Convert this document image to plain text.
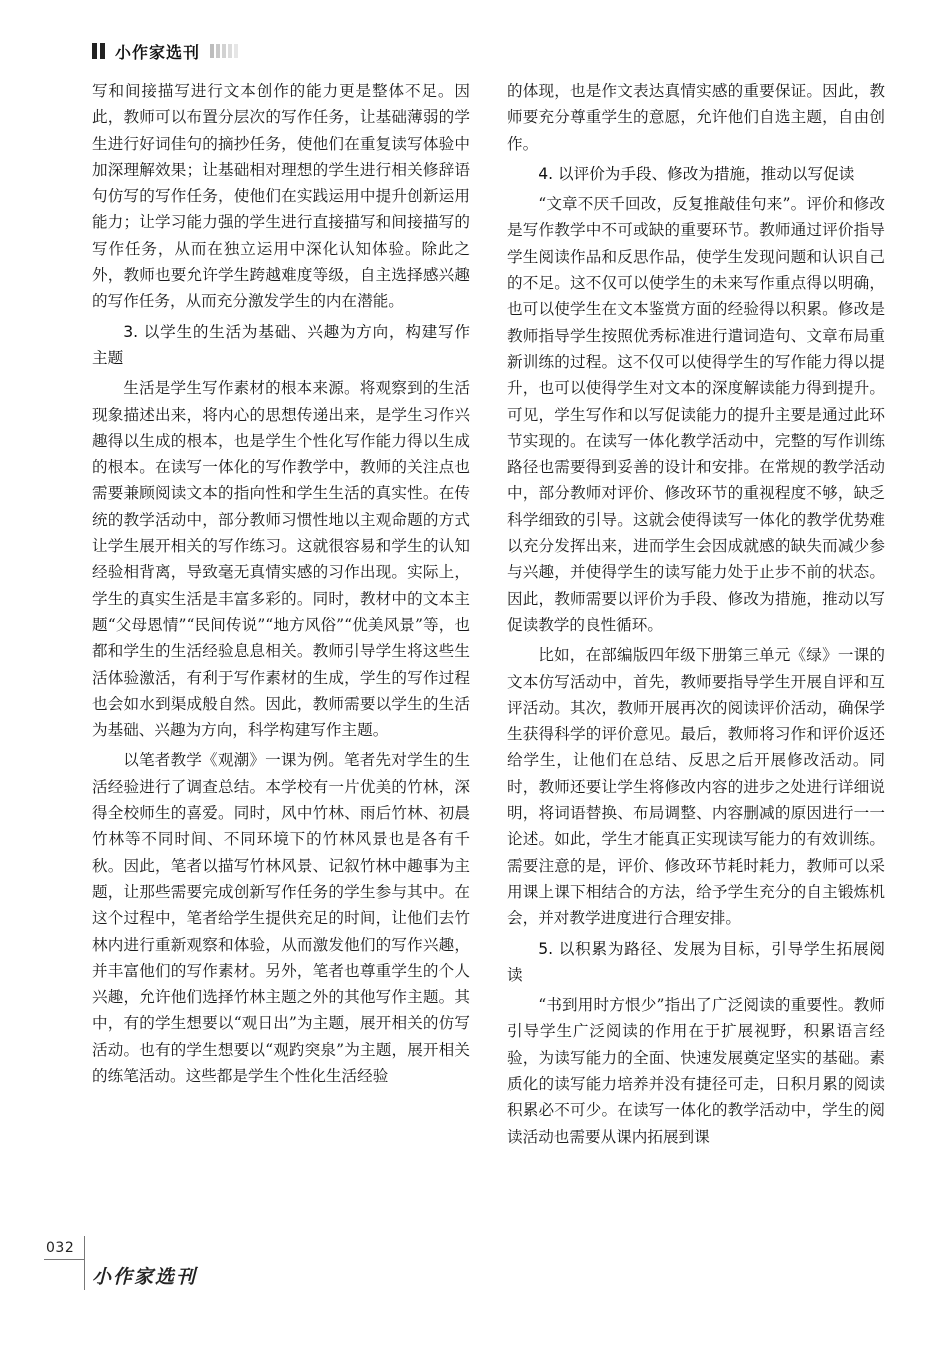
小作家选刊

写和间接描写进行文本创作的能力更是整体不足。因此，教师可以布置分层次的写作任务，让基础薄弱的学生进行好词佳句的摘抄任务，使他们在重复读写体验中加深理解效果；让基础相对理想的学生进行相关修辞语句仿写的写作任务，使他们在实践运用中提升创新运用能力；让学习能力强的学生进行直接描写和间接描写的写作任务，从而在独立运用中深化认知体验。除此之外，教师也要允许学生跨越难度等级，自主选择感兴趣的写作任务，从而充分激发学生的内在潜能。

3. 以学生的生活为基础、兴趣为方向，构建写作主题

生活是学生写作素材的根本来源。将观察到的生活现象描述出来，将内心的思想传递出来，是学生习作兴趣得以生成的根本，也是学生个性化写作能力得以生成的根本。在读写一体化的写作教学中，教师的关注点也需要兼顾阅读文本的指向性和学生生活的真实性。在传统的教学活动中，部分教师习惯性地以主观命题的方式让学生展开相关的写作练习。这就很容易和学生的认知经验相背离，导致毫无真情实感的习作出现。实际上，学生的真实生活是丰富多彩的。同时，教材中的文本主题“父母恩情”“民间传说”“地方风俗”“优美风景”等，也都和学生的生活经验息息相关。教师引导学生将这些生活体验激活，有利于写作素材的生成，学生的写作过程也会如水到渠成般自然。因此，教师需要以学生的生活为基础、兴趣为方向，科学构建写作主题。

以笔者教学《观潮》一课为例。笔者先对学生的生活经验进行了调查总结。本学校有一片优美的竹林，深得全校师生的喜爱。同时，风中竹林、雨后竹林、初晨竹林等不同时间、不同环境下的竹林风景也是各有千秋。因此，笔者以描写竹林风景、记叙竹林中趣事为主题，让那些需要完成创新写作任务的学生参与其中。在这个过程中，笔者给学生提供充足的时间，让他们去竹林内进行重新观察和体验，从而激发他们的写作兴趣，并丰富他们的写作素材。另外，笔者也尊重学生的个人兴趣，允许他们选择竹林主题之外的其他写作主题。其中，有的学生想要以“观日出”为主题，展开相关的仿写活动。也有的学生想要以“观趵突泉”为主题，展开相关的练笔活动。这些都是学生个性化生活经验

的体现，也是作文表达真情实感的重要保证。因此，教师要充分尊重学生的意愿，允许他们自选主题，自由创作。

4. 以评价为手段、修改为措施，推动以写促读

“文章不厌千回改，反复推敲佳句来”。评价和修改是写作教学中不可或缺的重要环节。教师通过评价指导学生阅读作品和反思作品，使学生发现问题和认识自己的不足。这不仅可以使学生的未来写作重点得以明确，也可以使学生在文本鉴赏方面的经验得以积累。修改是教师指导学生按照优秀标准进行遣词造句、文章布局重新训练的过程。这不仅可以使得学生的写作能力得以提升，也可以使得学生对文本的深度解读能力得到提升。可见，学生写作和以写促读能力的提升主要是通过此环节实现的。在读写一体化教学活动中，完整的写作训练路径也需要得到妥善的设计和安排。在常规的教学活动中，部分教师对评价、修改环节的重视程度不够，缺乏科学细致的引导。这就会使得读写一体化的教学优势难以充分发挥出来，进而学生会因成就感的缺失而减少参与兴趣，并使得学生的读写能力处于止步不前的状态。因此，教师需要以评价为手段、修改为措施，推动以写促读教学的良性循环。

比如，在部编版四年级下册第三单元《绿》一课的文本仿写活动中，首先，教师要指导学生开展自评和互评活动。其次，教师开展再次的阅读评价活动，确保学生获得科学的评价意见。最后，教师将习作和评价返还给学生，让他们在总结、反思之后开展修改活动。同时，教师还要让学生将修改内容的进步之处进行详细说明，将词语替换、布局调整、内容删减的原因进行一一论述。如此，学生才能真正实现读写能力的有效训练。需要注意的是，评价、修改环节耗时耗力，教师可以采用课上课下相结合的方法，给予学生充分的自主锻炼机会，并对教学进度进行合理安排。

5. 以积累为路径、发展为目标，引导学生拓展阅读

“书到用时方恨少”指出了广泛阅读的重要性。教师引导学生广泛阅读的作用在于扩展视野，积累语言经验，为读写能力的全面、快速发展奠定坚实的基础。素质化的读写能力培养并没有捷径可走，日积月累的阅读积累必不可少。在读写一体化的教学活动中，学生的阅读活动也需要从课内拓展到课

032
小作家选刊
